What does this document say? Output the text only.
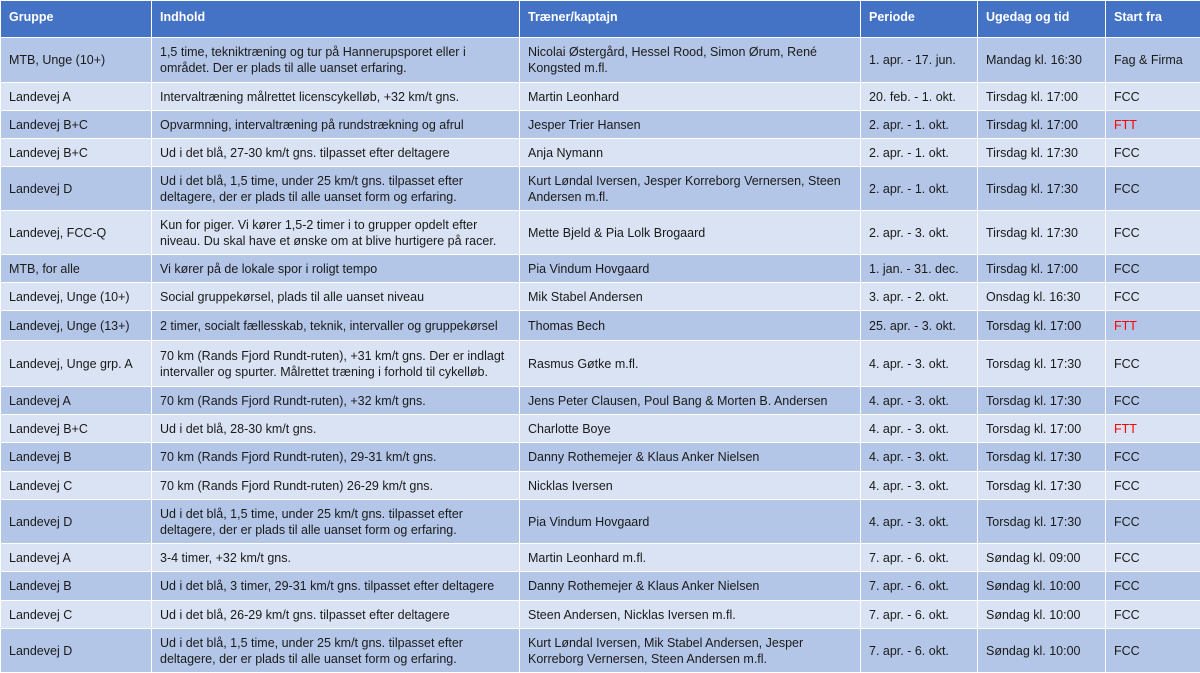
Gruppe	Indhold	Træner/kaptajn	Periode	Ugedag og tid	Start fra
MTB, Unge (10+)	1,5 time, tekniktræning og tur på Hannerupsporet eller i området. Der er plads til alle uanset erfaring.	Nicolai Østergård, Hessel Rood, Simon Ørum, René Kongsted m.fl.	1. apr. - 17. jun.	Mandag kl. 16:30	Fag & Firma
Landevej A	Intervaltræning målrettet licenscykelløb, +32 km/t gns.	Martin Leonhard	20. feb. - 1. okt.	Tirsdag kl. 17:00	FCC
Landevej B+C	Opvarmning, intervaltræning på rundstrækning og afrul	Jesper Trier Hansen	2. apr. - 1. okt.	Tirsdag kl. 17:00	FTT
Landevej B+C	Ud i det blå, 27-30 km/t gns. tilpasset efter deltagere	Anja Nymann	2. apr. - 1. okt.	Tirsdag kl. 17:30	FCC
Landevej D	Ud i det blå, 1,5 time, under 25 km/t gns. tilpasset efter deltagere, der er plads til alle uanset form og erfaring.	Kurt Løndal Iversen, Jesper Korreborg Vernersen, Steen Andersen m.fl.	2. apr. - 1. okt.	Tirsdag kl. 17:30	FCC
Landevej, FCC-Q	Kun for piger. Vi kører 1,5-2 timer i to grupper opdelt efter niveau. Du skal have et ønske om at blive hurtigere på racer.	Mette Bjeld & Pia Lolk Brogaard	2. apr. - 3. okt.	Tirsdag kl. 17:30	FCC
MTB, for alle	Vi kører på de lokale spor i roligt tempo	Pia Vindum Hovgaard	1. jan. - 31. dec.	Tirsdag kl. 17:00	FCC
Landevej, Unge (10+)	Social gruppekørsel, plads til alle uanset niveau	Mik Stabel Andersen	3. apr. - 2. okt.	Onsdag kl. 16:30	FCC
Landevej, Unge (13+)	2 timer, socialt fællesskab, teknik, intervaller og gruppekørsel	Thomas Bech	25. apr. - 3. okt.	Torsdag kl. 17:00	FTT
Landevej, Unge grp. A	70 km (Rands Fjord Rundt-ruten), +31 km/t gns. Der er indlagt intervaller og spurter. Målrettet træning i forhold til cykelløb.	Rasmus Gøtke m.fl.	4. apr. - 3. okt.	Torsdag kl. 17:30	FCC
Landevej A	70 km (Rands Fjord Rundt-ruten), +32 km/t gns.	Jens Peter Clausen, Poul Bang & Morten B. Andersen	4. apr. - 3. okt.	Torsdag kl. 17:30	FCC
Landevej B+C	Ud i det blå, 28-30 km/t gns.	Charlotte Boye	4. apr. - 3. okt.	Torsdag kl. 17:00	FTT
Landevej B	70 km (Rands Fjord Rundt-ruten), 29-31 km/t gns.	Danny Rothemejer & Klaus Anker Nielsen	4. apr. - 3. okt.	Torsdag kl. 17:30	FCC
Landevej C	70 km (Rands Fjord Rundt-ruten) 26-29 km/t gns.	Nicklas Iversen	4. apr. - 3. okt.	Torsdag kl. 17:30	FCC
Landevej D	Ud i det blå, 1,5 time, under 25 km/t gns. tilpasset efter deltagere, der er plads til alle uanset form og erfaring.	Pia Vindum Hovgaard	4. apr. - 3. okt.	Torsdag kl. 17:30	FCC
Landevej A	3-4 timer, +32 km/t gns.	Martin Leonhard m.fl.	7. apr. - 6. okt.	Søndag kl. 09:00	FCC
Landevej B	Ud i det blå, 3 timer, 29-31 km/t gns. tilpasset efter deltagere	Danny Rothemejer & Klaus Anker Nielsen	7. apr. - 6. okt.	Søndag kl. 10:00	FCC
Landevej C	Ud i det blå, 26-29 km/t gns. tilpasset efter deltagere	Steen Andersen, Nicklas Iversen m.fl.	7. apr. - 6. okt.	Søndag kl. 10:00	FCC
Landevej D	Ud i det blå, 1,5 time, under 25 km/t gns. tilpasset efter deltagere, der er plads til alle uanset form og erfaring.	Kurt Løndal Iversen, Mik Stabel Andersen, Jesper Korreborg Vernersen, Steen Andersen m.fl.	7. apr. - 6. okt.	Søndag kl. 10:00	FCC
